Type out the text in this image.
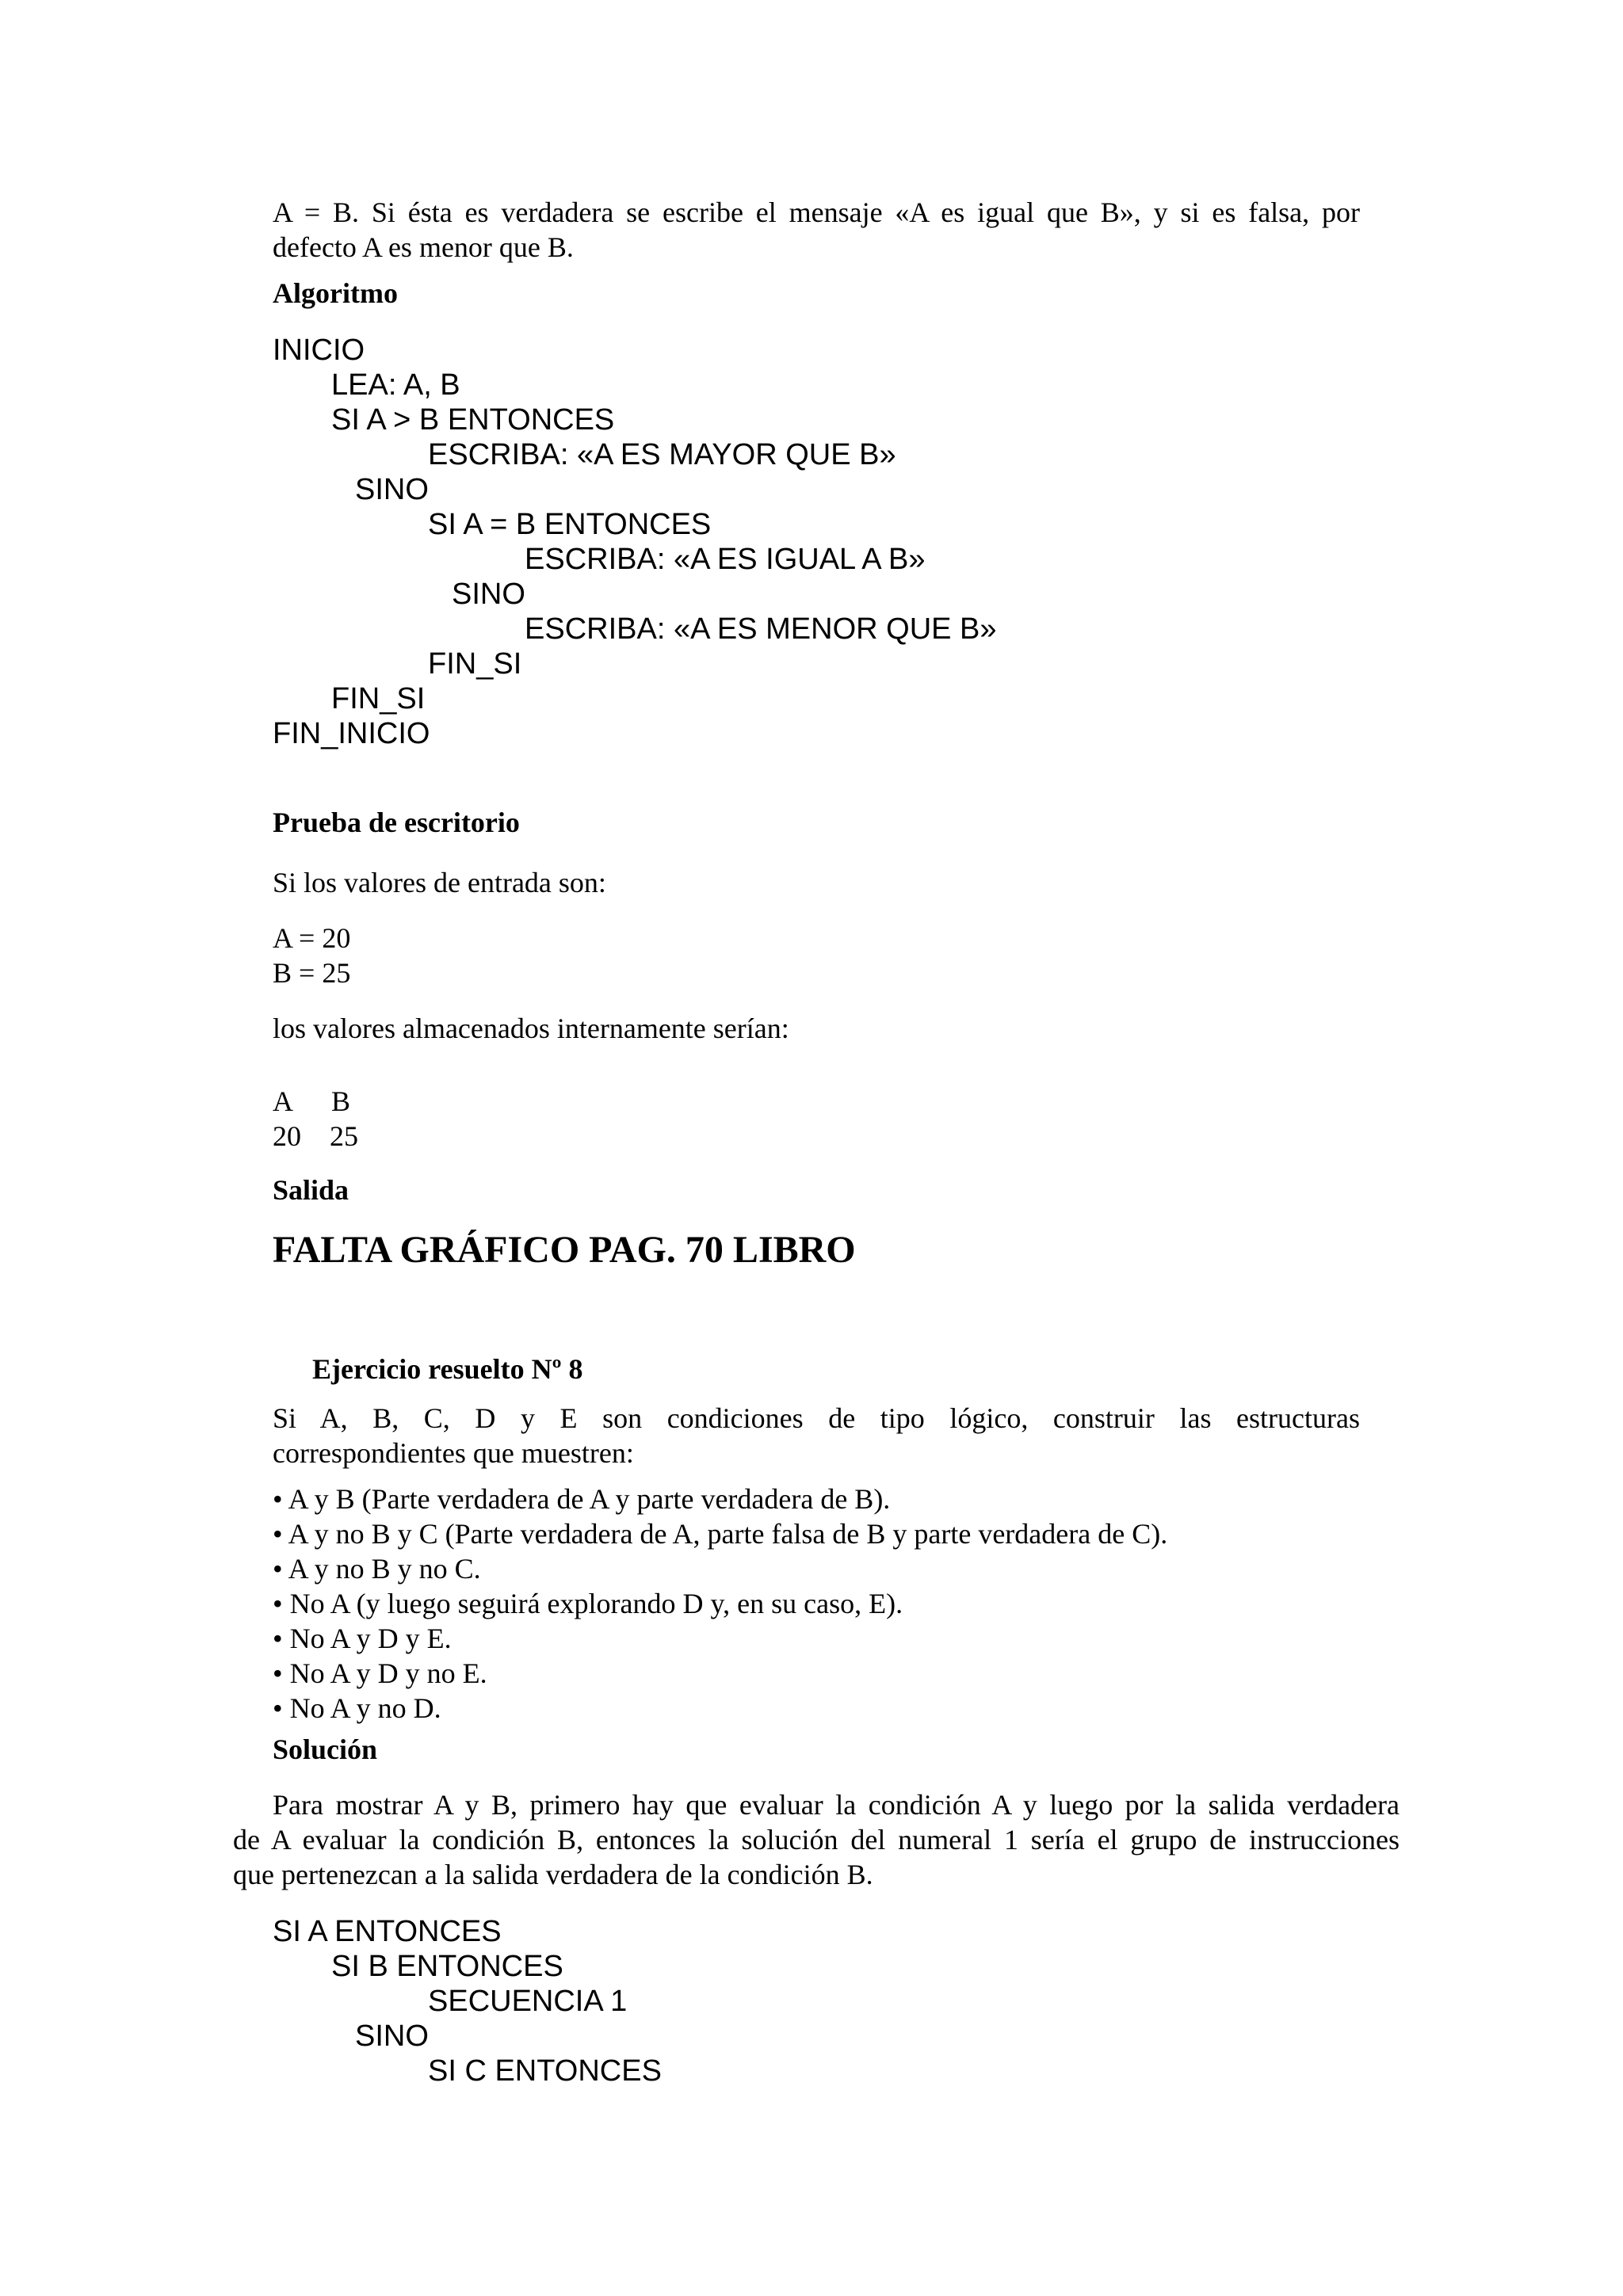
A = B. Si ésta es verdadera se escribe el mensaje «A es igual que B», y si es falsa, por
defecto A es menor que B.
Algoritmo
INICIO
LEA: A, B
SI A > B ENTONCES
ESCRIBA: «A ES MAYOR QUE B»
SINO
SI A = B ENTONCES
ESCRIBA: «A ES IGUAL A B»
SINO
ESCRIBA: «A ES MENOR QUE B»
FIN_SI
FIN_SI
FIN_INICIO
Prueba de escritorio
Si los valores de entrada son:
A = 20
B = 25
los valores almacenados internamente serían:
A B
20 25
Salida
FALTA GRÁFICO PAG. 70 LIBRO
Ejercicio resuelto Nº 8
Si A, B, C, D y E son condiciones de tipo lógico, construir las estructuras
correspondientes que muestren:
• A y B (Parte verdadera de A y parte verdadera de B).
• A y no B y C (Parte verdadera de A, parte falsa de B y parte verdadera de C).
• A y no B y no C.
• No A (y luego seguirá explorando D y, en su caso, E).
• No A y D y E.
• No A y D y no E.
• No A y no D.
Solución
Para mostrar A y B, primero hay que evaluar la condición A y luego por la salida verdadera
de A evaluar la condición B, entonces la solución del numeral 1 sería el grupo de instrucciones
que pertenezcan a la salida verdadera de la condición B.
SI A ENTONCES
SI B ENTONCES
SECUENCIA 1
SINO
SI C ENTONCES
